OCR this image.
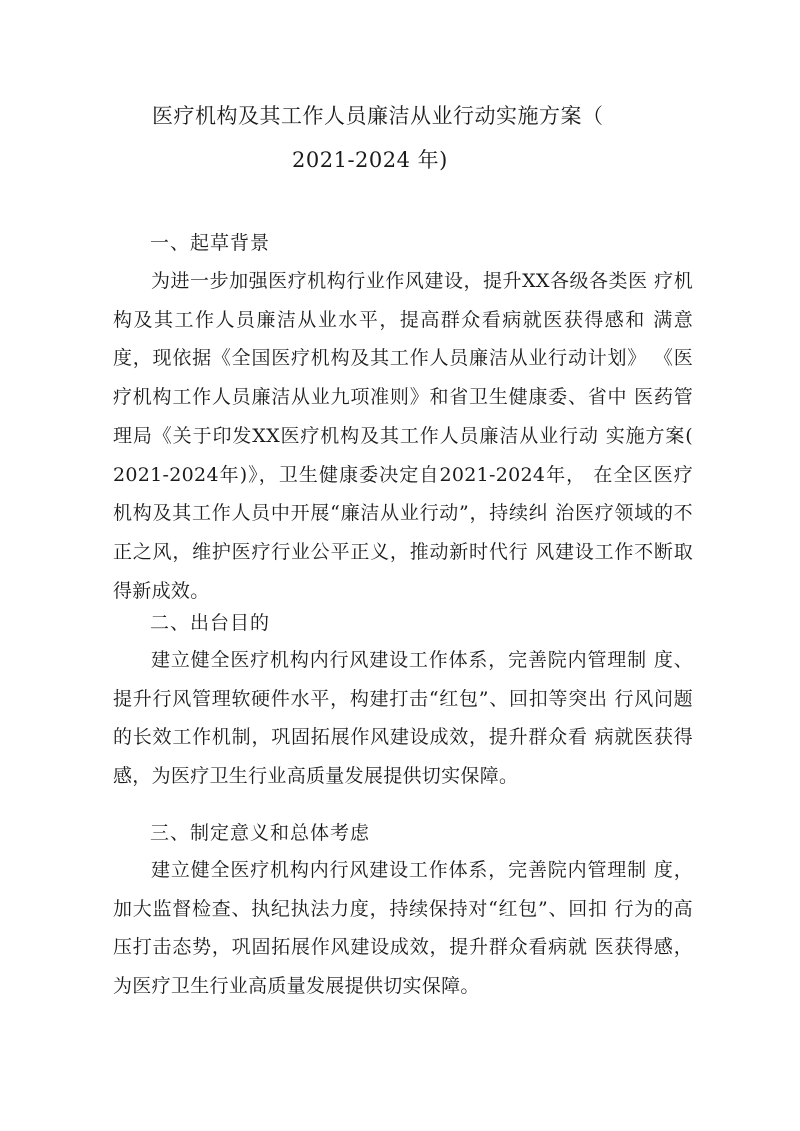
医疗机构及其工作人员廉洁从业行动实施方案（
2021-2024 年)
一、起草背景

为进一步加强医疗机构行业作风建设，提升XX各级各类医 疗机构及其工作人员廉洁从业水平，提高群众看病就医获得感和 满意度，现依据《全国医疗机构及其工作人员廉洁从业行动计划》 《医疗机构工作人员廉洁从业九项准则》和省卫生健康委、省中 医药管理局《关于印发XX医疗机构及其工作人员廉洁从业行动 实施方案( 2021-2024年)》，卫生健康委决定自2021-2024年， 在全区医疗机构及其工作人员中开展“廉洁从业行动”，持续纠 治医疗领域的不正之风，维护医疗行业公平正义，推动新时代行 风建设工作不断取得新成效。

二、出台目的

建立健全医疗机构内行风建设工作体系，完善院内管理制 度、提升行风管理软硬件水平，构建打击“红包”、回扣等突出 行风问题的长效工作机制，巩固拓展作风建设成效，提升群众看 病就医获得感，为医疗卫生行业高质量发展提供切实保障。

三、制定意义和总体考虑

建立健全医疗机构内行风建设工作体系，完善院内管理制 度，加大监督检查、执纪执法力度，持续保持对“红包”、回扣 行为的高压打击态势，巩固拓展作风建设成效，提升群众看病就 医获得感，为医疗卫生行业高质量发展提供切实保障。
